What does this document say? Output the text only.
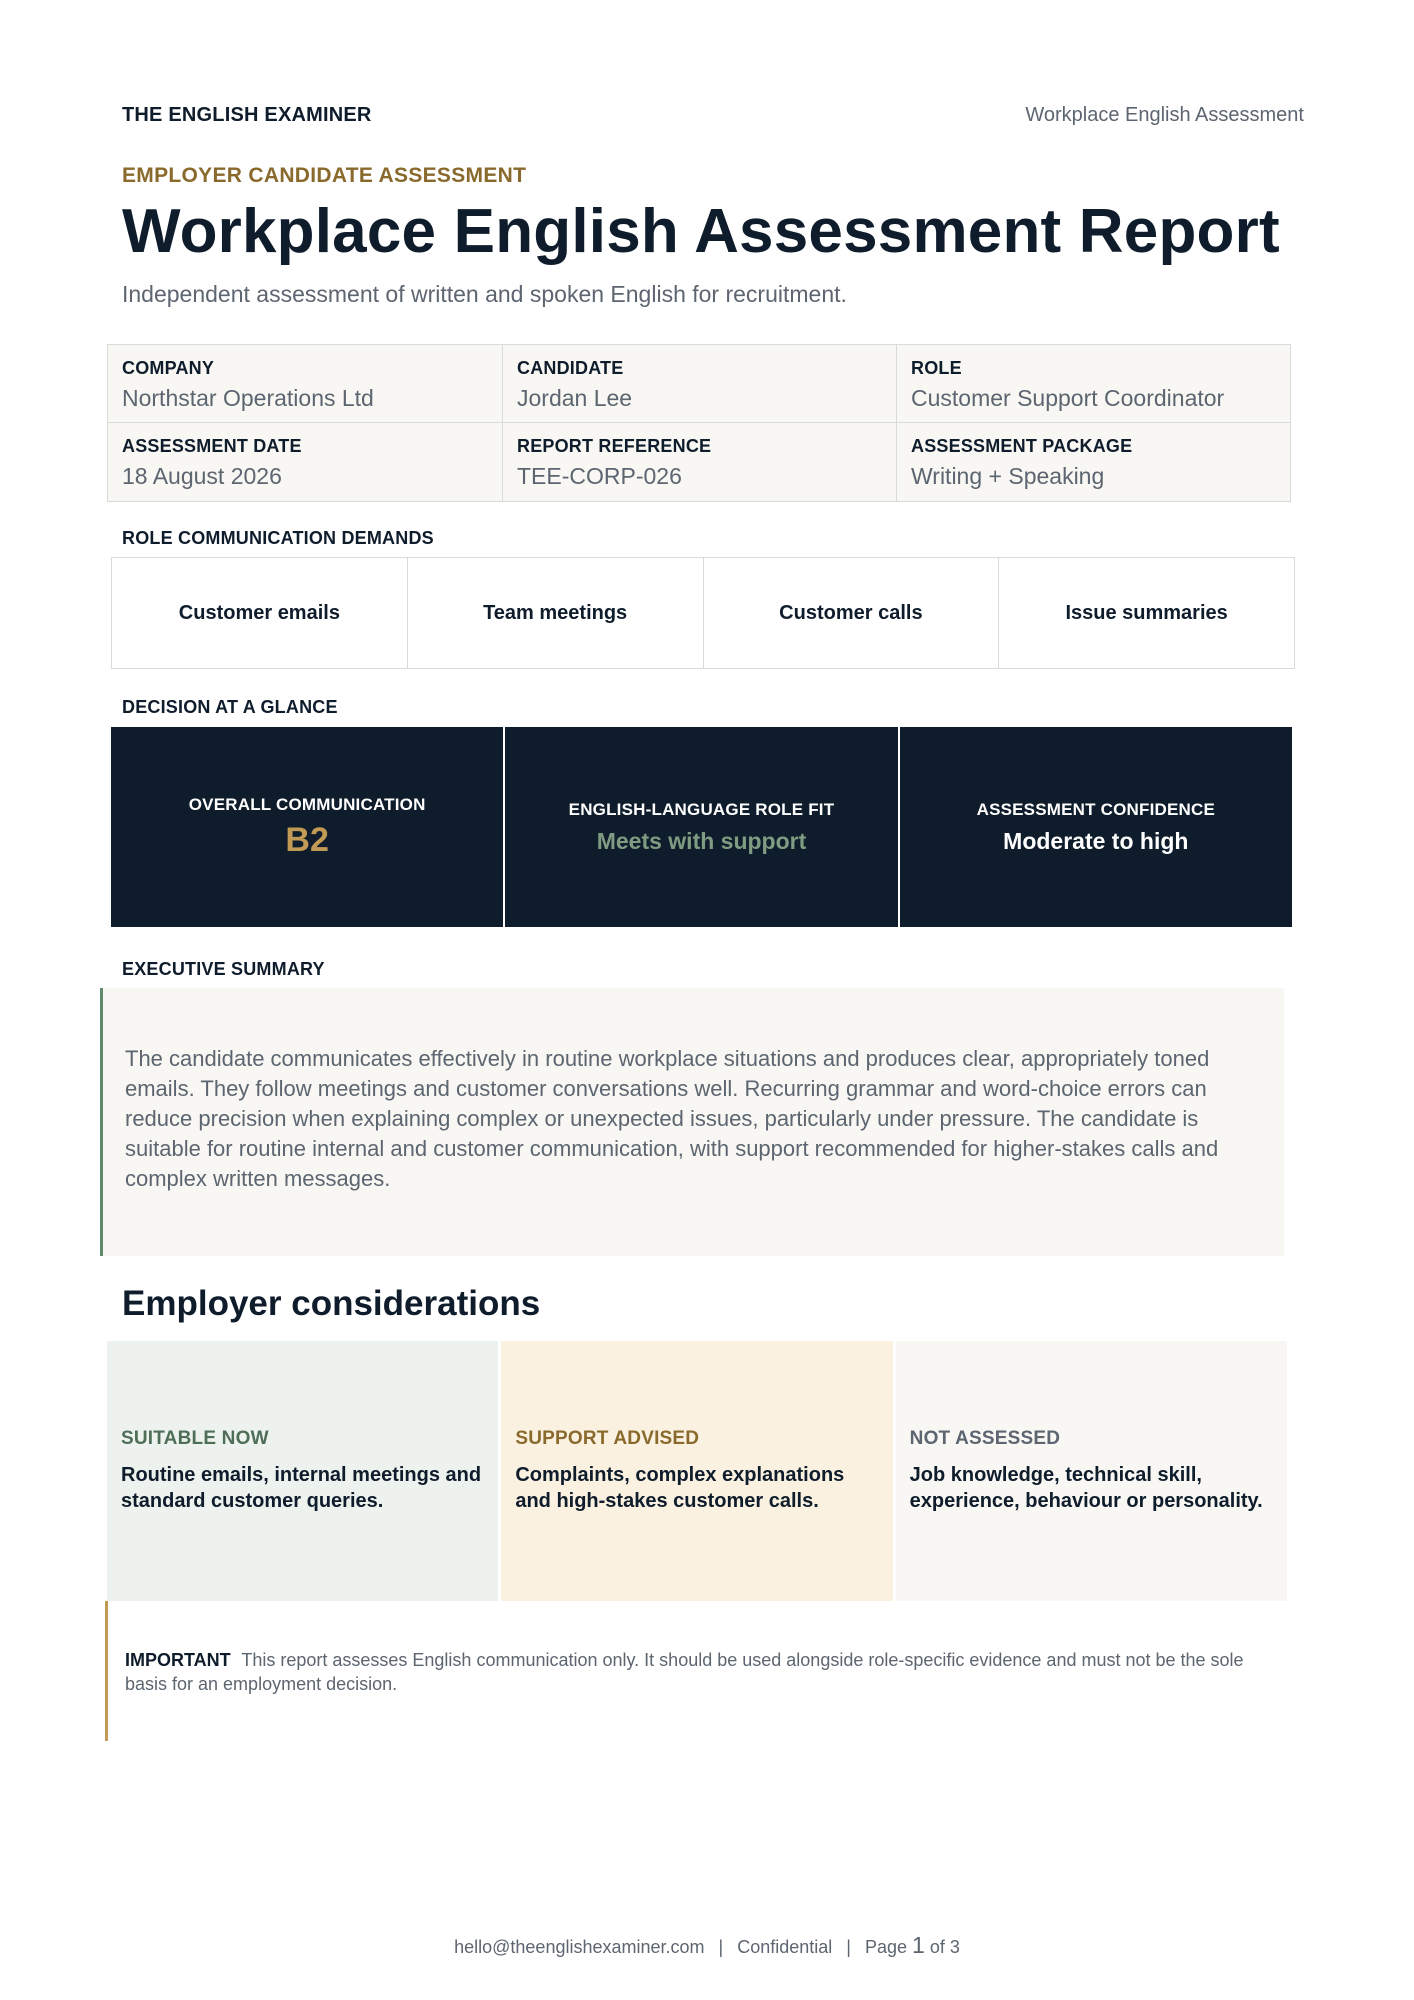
THE ENGLISH EXAMINER	Workplace English Assessment
EMPLOYER CANDIDATE ASSESSMENT
Workplace English Assessment Report
Independent assessment of written and spoken English for recruitment.
COMPANY
Northstar Operations Ltd
CANDIDATE
Jordan Lee
ROLE
Customer Support Coordinator
ASSESSMENT DATE
18 August 2026
REPORT REFERENCE
TEE-CORP-026
ASSESSMENT PACKAGE
Writing + Speaking
ROLE COMMUNICATION DEMANDS
Customer emails	Team meetings	Customer calls	Issue summaries
DECISION AT A GLANCE
OVERALL COMMUNICATION
B2
ENGLISH-LANGUAGE ROLE FIT
Meets with support
ASSESSMENT CONFIDENCE
Moderate to high
EXECUTIVE SUMMARY
The candidate communicates effectively in routine workplace situations and produces clear, appropriately toned emails. They follow meetings and customer conversations well. Recurring grammar and word-choice errors can reduce precision when explaining complex or unexpected issues, particularly under pressure. The candidate is suitable for routine internal and customer communication, with support recommended for higher-stakes calls and complex written messages.
Employer considerations
SUITABLE NOW
Routine emails, internal meetings and standard customer queries.
SUPPORT ADVISED
Complaints, complex explanations and high-stakes customer calls.
NOT ASSESSED
Job knowledge, technical skill, experience, behaviour or personality.
IMPORTANT This report assesses English communication only. It should be used alongside role-specific evidence and must not be the sole basis for an employment decision.
hello@theenglishexaminer.com | Confidential | Page 1 of 3
